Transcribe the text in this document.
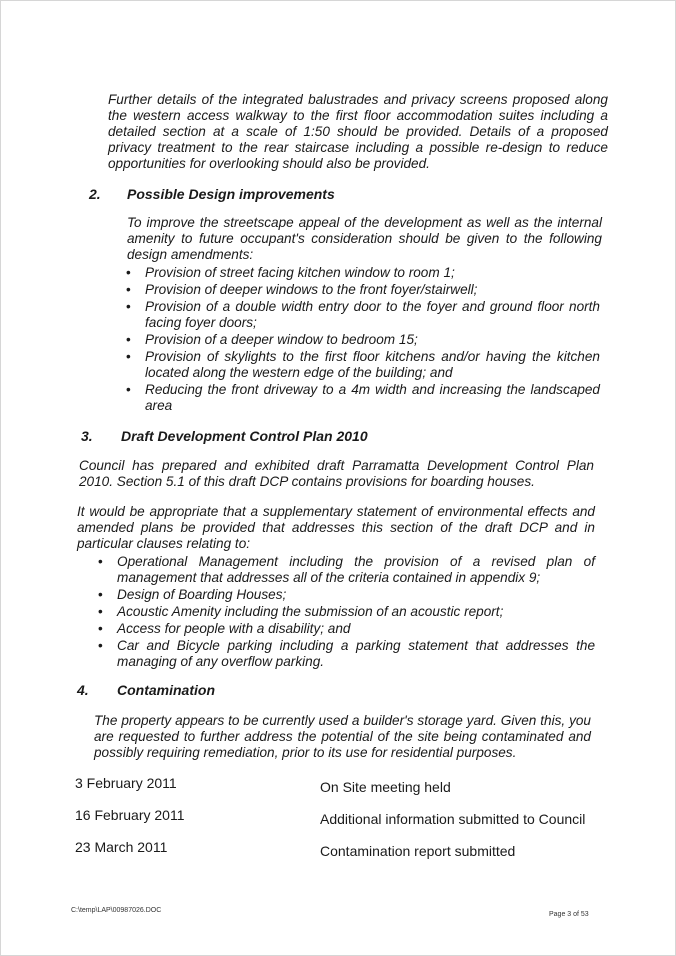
Further details of the integrated balustrades and privacy screens proposed along the western access walkway to the first floor accommodation suites including a detailed section at a scale of 1:50 should be provided. Details of a proposed privacy treatment to the rear staircase including a possible re-design to reduce opportunities for overlooking should also be provided.
2. Possible Design improvements
To improve the streetscape appeal of the development as well as the internal amenity to future occupant's consideration should be given to the following design amendments:
• Provision of street facing kitchen window to room 1;
• Provision of deeper windows to the front foyer/stairwell;
• Provision of a double width entry door to the foyer and ground floor north facing foyer doors;
• Provision of a deeper window to bedroom 15;
• Provision of skylights to the first floor kitchens and/or having the kitchen located along the western edge of the building; and
• Reducing the front driveway to a 4m width and increasing the landscaped area
3. Draft Development Control Plan 2010
Council has prepared and exhibited draft Parramatta Development Control Plan 2010. Section 5.1 of this draft DCP contains provisions for boarding houses.
It would be appropriate that a supplementary statement of environmental effects and amended plans be provided that addresses this section of the draft DCP and in particular clauses relating to:
• Operational Management including the provision of a revised plan of management that addresses all of the criteria contained in appendix 9;
• Design of Boarding Houses;
• Acoustic Amenity including the submission of an acoustic report;
• Access for people with a disability; and
• Car and Bicycle parking including a parking statement that addresses the managing of any overflow parking.
4. Contamination
The property appears to be currently used a builder's storage yard. Given this, you are requested to further address the potential of the site being contaminated and possibly requiring remediation, prior to its use for residential purposes.
3 February 2011	On Site meeting held
16 February 2011	Additional information submitted to Council
23 March 2011	Contamination report submitted
C:\temp\LAP\00987026.DOC
Page 3 of 53
